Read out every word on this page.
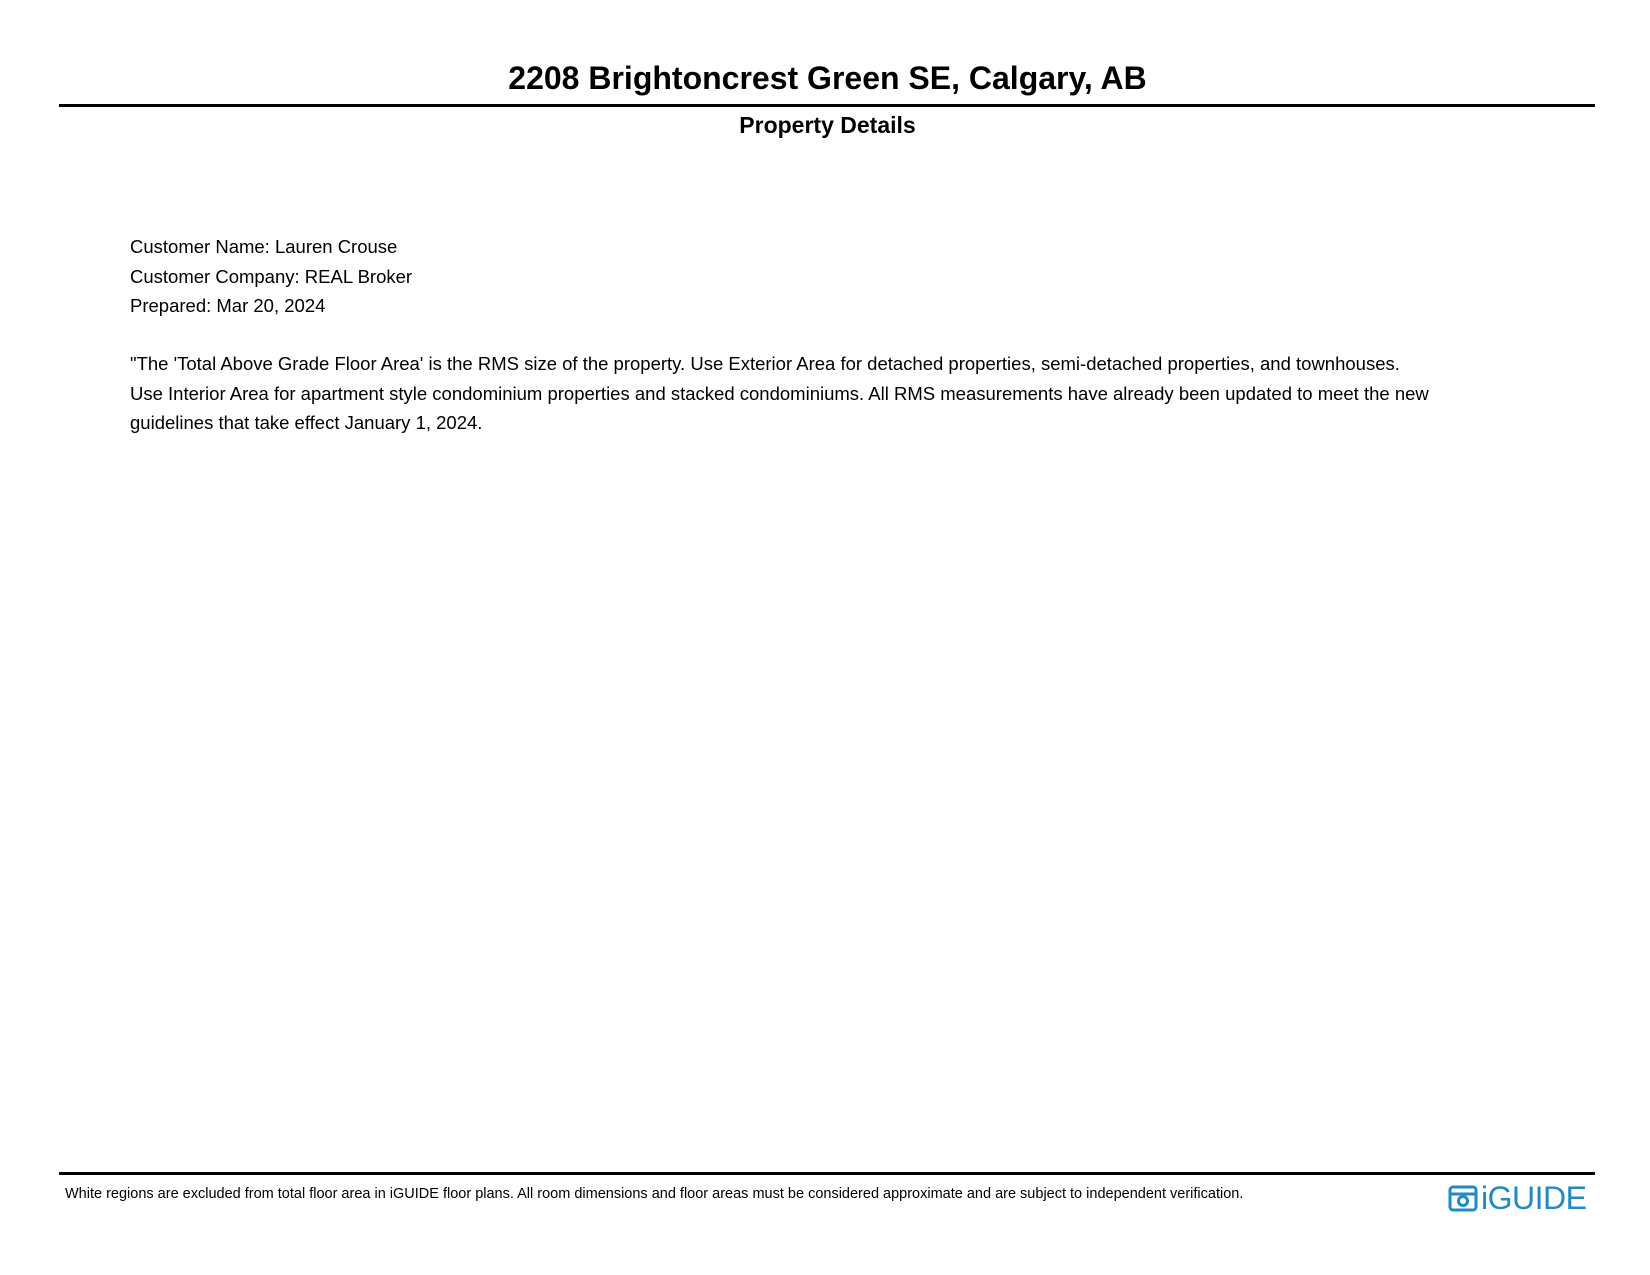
2208 Brightoncrest Green SE, Calgary, AB
Property Details
Customer Name: Lauren Crouse
Customer Company: REAL Broker
Prepared: Mar 20, 2024

"The 'Total Above Grade Floor Area' is the RMS size of the property. Use Exterior Area for detached properties, semi-detached properties, and townhouses.
Use Interior Area for apartment style condominium properties and stacked condominiums. All RMS measurements have already been updated to meet the new
guidelines that take effect January 1, 2024.

White regions are excluded from total floor area in iGUIDE floor plans. All room dimensions and floor areas must be considered approximate and are subject to independent verification.	iGUIDE
